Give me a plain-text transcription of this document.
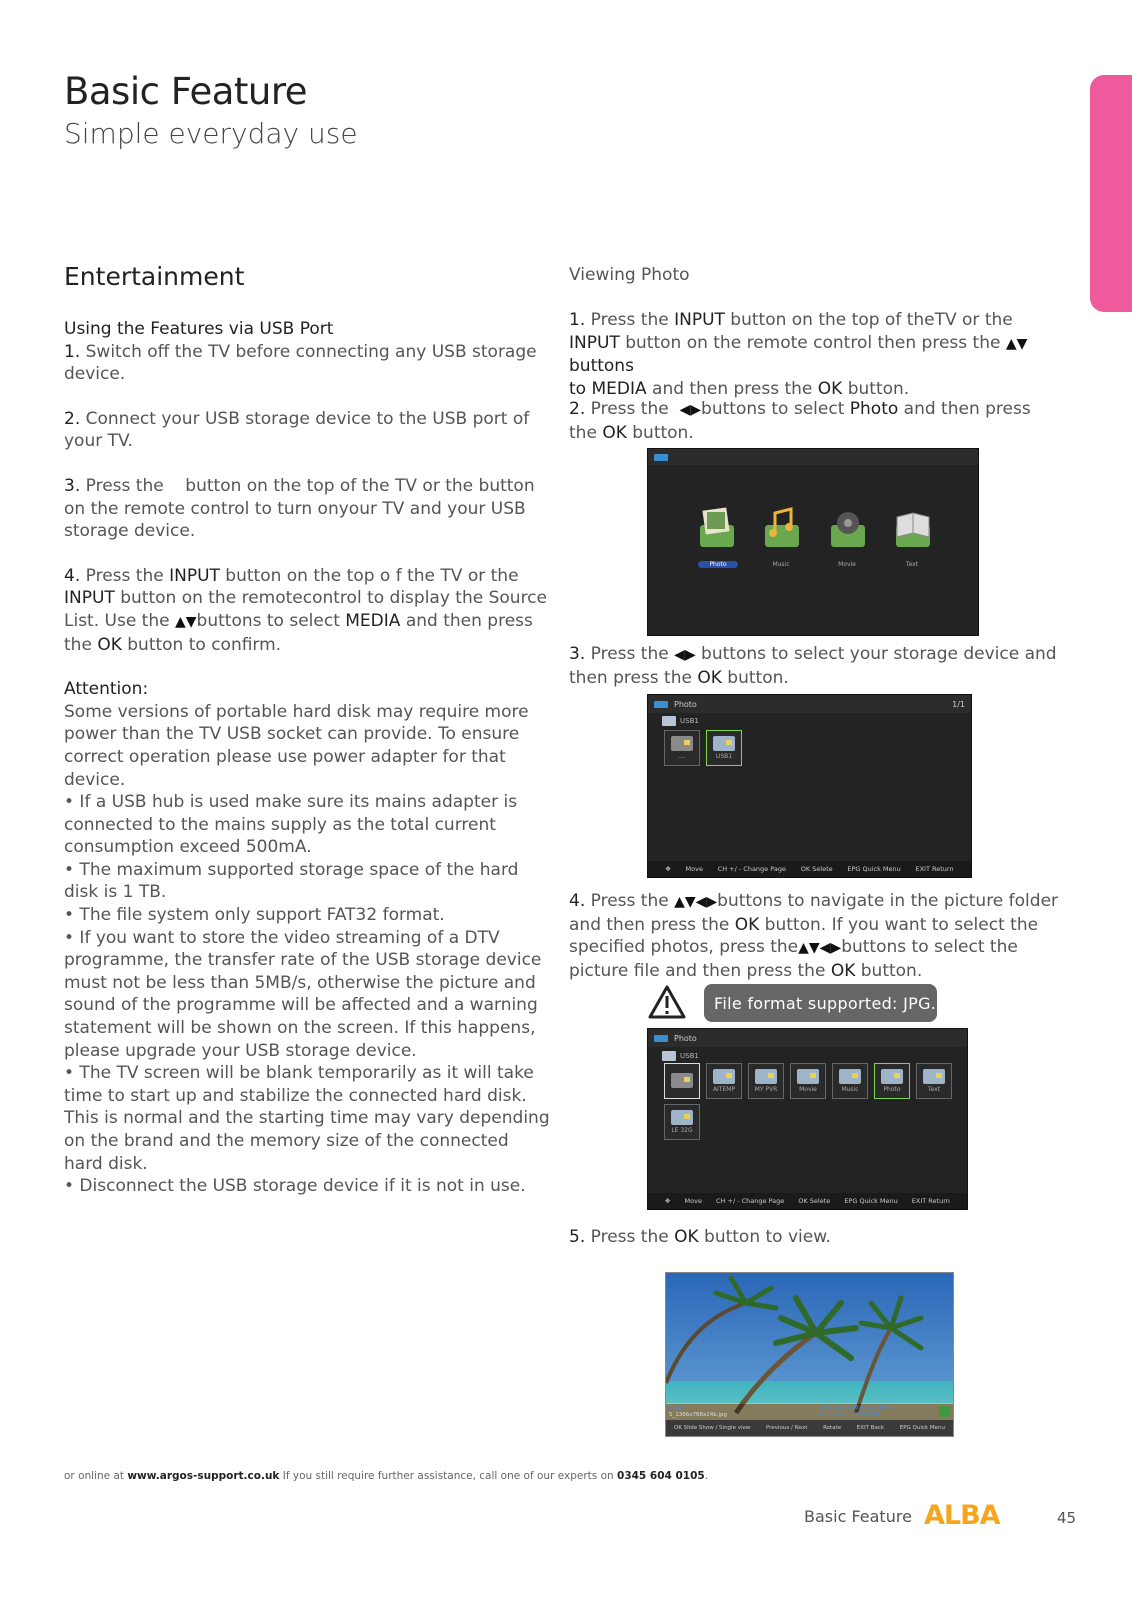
Basic Feature
Simple everyday use
Entertainment

Using the Features via USB Port

1. Switch off the TV before connecting any USB storage device.

2. Connect your USB storage device to the USB port of your TV.

3. Press the    button on the top of the TV or the button on the remote control to turn onyour TV and your USB storage device.

4. Press the INPUT button on the top o f the TV or the INPUT button on the remotecontrol to display the Source List. Use the ▲▼buttons to select MEDIA and then press the OK button to confirm.

Attention:

Some versions of portable hard disk may require more power than the TV USB socket can provide. To ensure correct operation please use power adapter for that device.

• If a USB hub is used make sure its mains adapter is connected to the mains supply as the total current consumption exceed 500mA.

• The maximum supported storage space of the hard disk is 1 TB.

• The file system only support FAT32 format.

• If you want to store the video streaming of a DTV programme, the transfer rate of the USB storage device must not be less than 5MB/s, otherwise the picture and sound of the programme will be affected and a warning statement will be shown on the screen. If this happens, please upgrade your USB storage device.

• The TV screen will be blank temporarily as it will take time to start up and stabilize the connected hard disk. This is normal and the starting time may vary depending on the brand and the memory size of the connected hard disk.

• Disconnect the USB storage device if it is not in use.

Viewing Photo
1. Press the INPUT button on the top of theTV or the INPUT button on the remote control then press the ▲▼ buttons
to MEDIA and then press the OK button.
2. Press the  ◀▶buttons to select Photo and then press the OK button.
Photo	Music	Movie	Text
3. Press the ◀▶ buttons to select your storage device and then press the OK button.
Photo	1/1
USB1
....	USB1
✥ Move CH +/ - Change Page OK Selete EPG Quick Menu EXIT Return
4. Press the ▲▼◀▶buttons to navigate in the picture folder and then press the OK button. If you want to select the specified photos, press the▲▼◀▶buttons to select the picture file and then press the OK button.
File format supported: JPG.
Photo
USB1
AITEMP	MY PVR	Movie	Music	Photo	Text
LE 32G
✥ Move CH +/ - Change Page OK Selete EPG Quick Menu EXIT Return
5. Press the OK button to view.
1/12
5_1366x768x24b.jpg
Date: 2003-05-11 20:28:40
Resolution: 1366x768
OK Slide Show / Single view	Previous / Next	Rotate	EXIT Back	EPG Quick Menu
or online at www.argos-support.co.uk If you still require further assistance, call one of our experts on 0345 604 0105.
Basic Feature ALBA	45
